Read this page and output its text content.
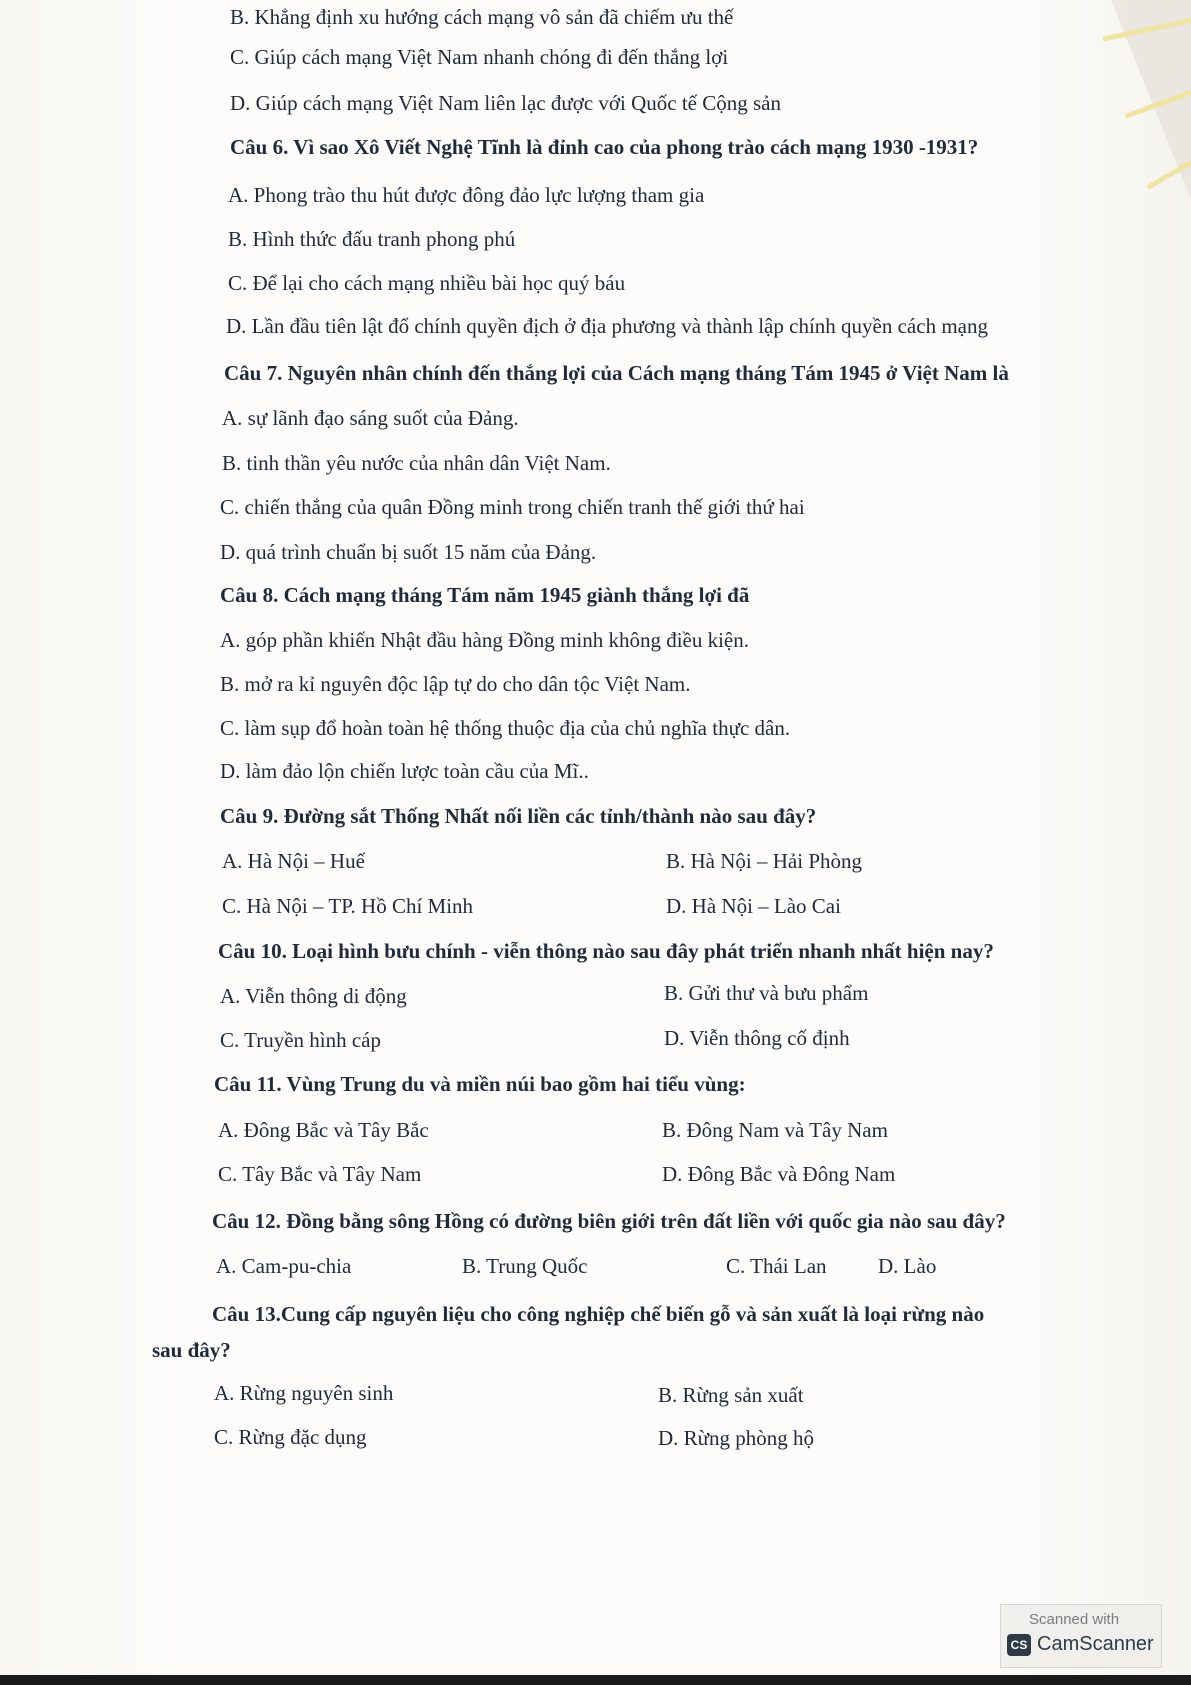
B. Khẳng định xu hướng cách mạng vô sản đã chiếm ưu thế
C. Giúp cách mạng Việt Nam nhanh chóng đi đến thắng lợi
D. Giúp cách mạng Việt Nam liên lạc được với Quốc tế Cộng sản
Câu 6. Vì sao Xô Viết Nghệ Tĩnh là đỉnh cao của phong trào cách mạng 1930 -1931?
A. Phong trào thu hút được đông đảo lực lượng tham gia
B. Hình thức đấu tranh phong phú
C. Để lại cho cách mạng nhiều bài học quý báu
D. Lần đầu tiên lật đổ chính quyền địch ở địa phương và thành lập chính quyền cách mạng
Câu 7. Nguyên nhân chính đến thắng lợi của Cách mạng tháng Tám 1945 ở Việt Nam là
A. sự lãnh đạo sáng suốt của Đảng.
B. tinh thần yêu nước của nhân dân Việt Nam.
C. chiến thắng của quân Đồng minh trong chiến tranh thế giới thứ hai
D. quá trình chuẩn bị suốt 15 năm của Đảng.
Câu 8. Cách mạng tháng Tám năm 1945 giành thắng lợi đã
A. góp phần khiến Nhật đầu hàng Đồng minh không điều kiện.
B. mở ra kỉ nguyên độc lập tự do cho dân tộc Việt Nam.
C. làm sụp đổ hoàn toàn hệ thống thuộc địa của chủ nghĩa thực dân.
D. làm đảo lộn chiến lược toàn cầu của Mĩ..
Câu 9. Đường sắt Thống Nhất nối liền các tỉnh/thành nào sau đây?
A. Hà Nội – Huế	B. Hà Nội – Hải Phòng
C. Hà Nội – TP. Hồ Chí Minh	D. Hà Nội – Lào Cai
Câu 10. Loại hình bưu chính - viễn thông nào sau đây phát triển nhanh nhất hiện nay?
A. Viễn thông di động	B. Gửi thư và bưu phẩm
C. Truyền hình cáp	D. Viễn thông cố định
Câu 11. Vùng Trung du và miền núi bao gồm hai tiểu vùng:
A. Đông Bắc và Tây Bắc	B. Đông Nam và Tây Nam
C. Tây Bắc và Tây Nam	D. Đông Bắc và Đông Nam
Câu 12. Đồng bằng sông Hồng có đường biên giới trên đất liền với quốc gia nào sau đây?
A. Cam-pu-chia	B. Trung Quốc	C. Thái Lan D. Lào
Câu 13.Cung cấp nguyên liệu cho công nghiệp chế biến gỗ và sản xuất là loại rừng nào
sau đây?
A. Rừng nguyên sinh	B. Rừng sản xuất
C. Rừng đặc dụng	D. Rừng phòng hộ
Scanned with
CS CamScanner
